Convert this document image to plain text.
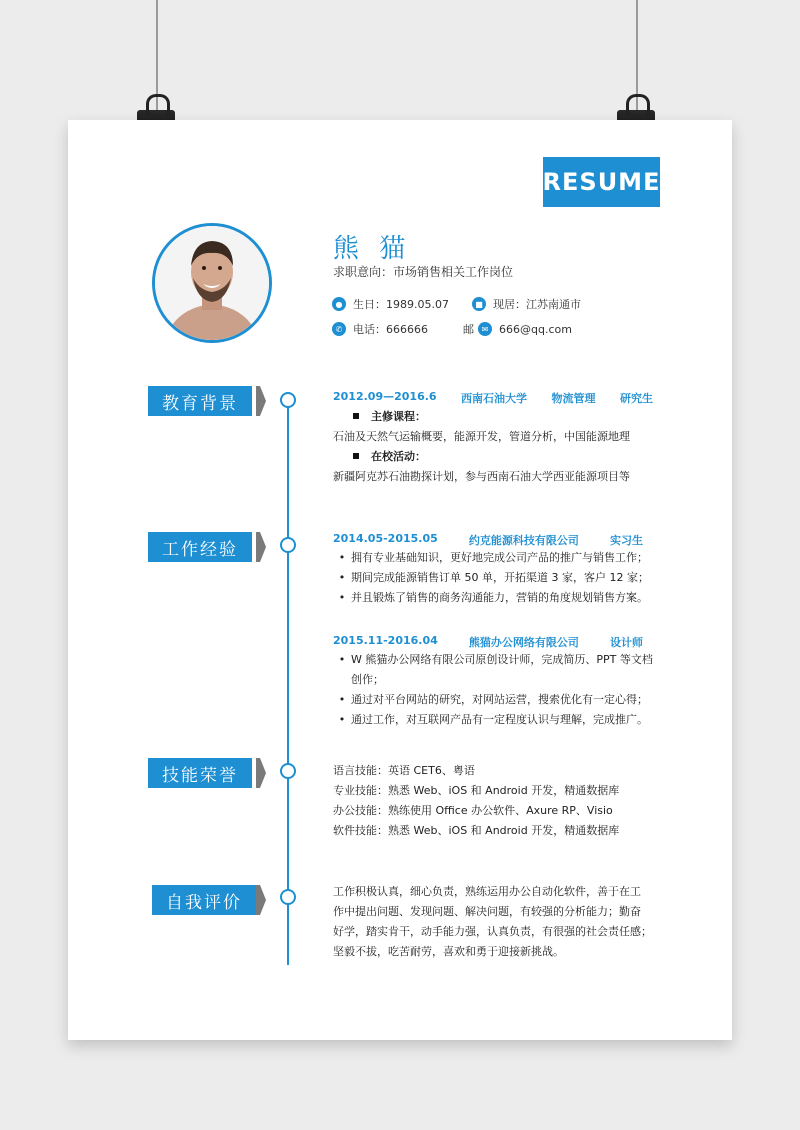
RESUME
熊 猫
求职意向：市场销售相关工作岗位
● 生日：1989.05.07	■ 现居：江苏南通市
✆ 电话：666666	邮 ✉ 666@qq.com
教育背景	2012.09—2016.6 西南石油大学 物流管理 研究生
主修课程：
石油及天然气运输概要，能源开发，管道分析，中国能源地理
在校活动：
新疆阿克苏石油勘探计划，参与西南石油大学西亚能源项目等
工作经验
2014.05-2015.05	约克能源科技有限公司	实习生
• 拥有专业基础知识，更好地完成公司产品的推广与销售工作；
• 期间完成能源销售订单 50 单，开拓渠道 3 家，客户 12 家；
• 并且锻炼了销售的商务沟通能力，营销的角度规划销售方案。
2015.11-2016.04	熊猫办公网络有限公司	设计师
• W 熊猫办公网络有限公司原创设计师，完成简历、PPT 等文档创作；
• 通过对平台网站的研究，对网站运营，搜索优化有一定心得；
• 通过工作，对互联网产品有一定程度认识与理解，完成推广。
技能荣誉	语言技能：英语 CET6、粤语
专业技能：熟悉 Web、iOS 和 Android 开发，精通数据库
办公技能：熟练使用 Office 办公软件、Axure RP、Visio
软件技能：熟悉 Web、iOS 和 Android 开发，精通数据库
自我评价
工作积极认真，细心负责，熟练运用办公自动化软件，善于在工
作中提出问题、发现问题、解决问题，有较强的分析能力；勤奋
好学，踏实肯干，动手能力强，认真负责，有很强的社会责任感；
坚毅不拔，吃苦耐劳，喜欢和勇于迎接新挑战。
